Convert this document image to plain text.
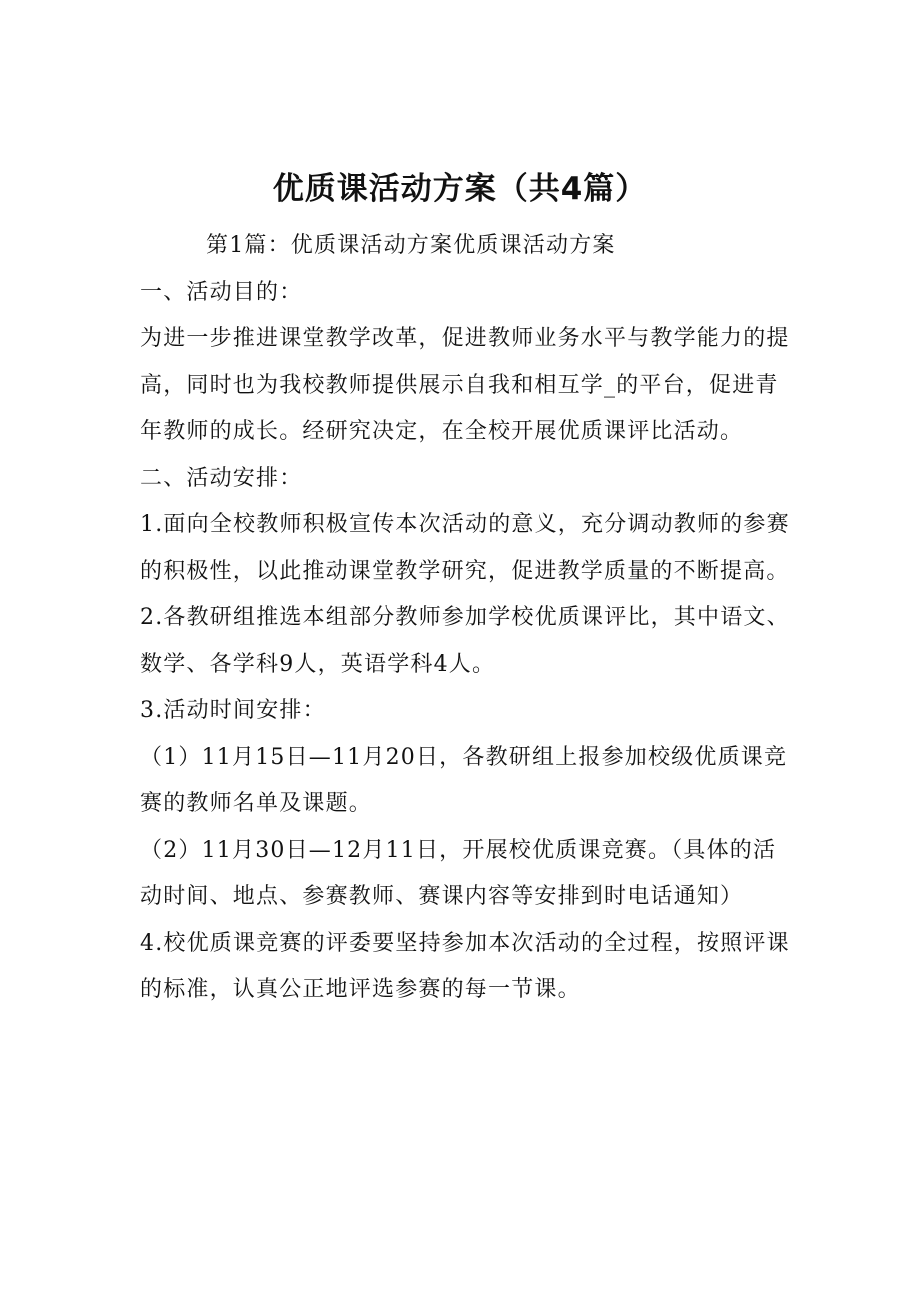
优质课活动方案（共4篇）

第1篇：优质课活动方案优质课活动方案

一、活动目的：

为进一步推进课堂教学改革，促进教师业务水平与教学能力的提高，同时也为我校教师提供展示自我和相互学_的平台，促进青年教师的成长。经研究决定，在全校开展优质课评比活动。

二、活动安排：

1.面向全校教师积极宣传本次活动的意义，充分调动教师的参赛的积极性，以此推动课堂教学研究，促进教学质量的不断提高。

2.各教研组推选本组部分教师参加学校优质课评比，其中语文、数学、各学科9人，英语学科4人。

3.活动时间安排：

（1）11月15日—11月20日，各教研组上报参加校级优质课竞赛的教师名单及课题。

（2）11月30日—12月11日，开展校优质课竞赛。（具体的活动时间、地点、参赛教师、赛课内容等安排到时电话通知）

4.校优质课竞赛的评委要坚持参加本次活动的全过程，按照评课的标准，认真公正地评选参赛的每一节课。
